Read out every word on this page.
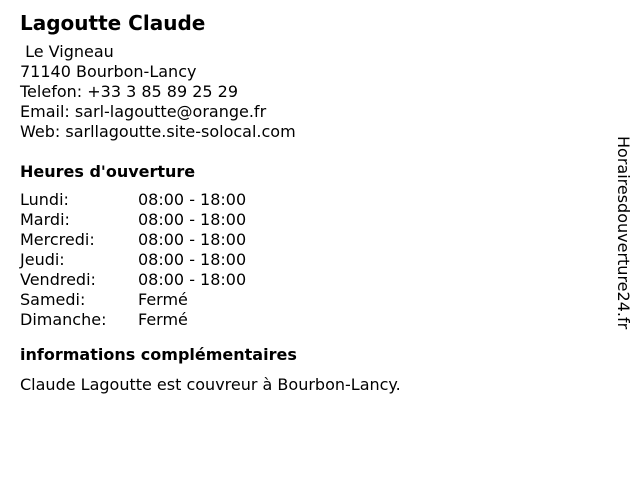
Lagoutte Claude
Le Vigneau
71140 Bourbon-Lancy
Telefon: +33 3 85 89 25 29
Email: sarl-lagoutte@orange.fr
Web: sarllagoutte.site-solocal.com
Heures d'ouverture
Lundi:	08:00 - 18:00
Mardi:	08:00 - 18:00
Mercredi:	08:00 - 18:00
Jeudi:	08:00 - 18:00
Vendredi:	08:00 - 18:00
Samedi:	Fermé
Dimanche:	Fermé
informations complémentaires
Claude Lagoutte est couvreur à Bourbon-Lancy.
Horairesdouverture24.fr
